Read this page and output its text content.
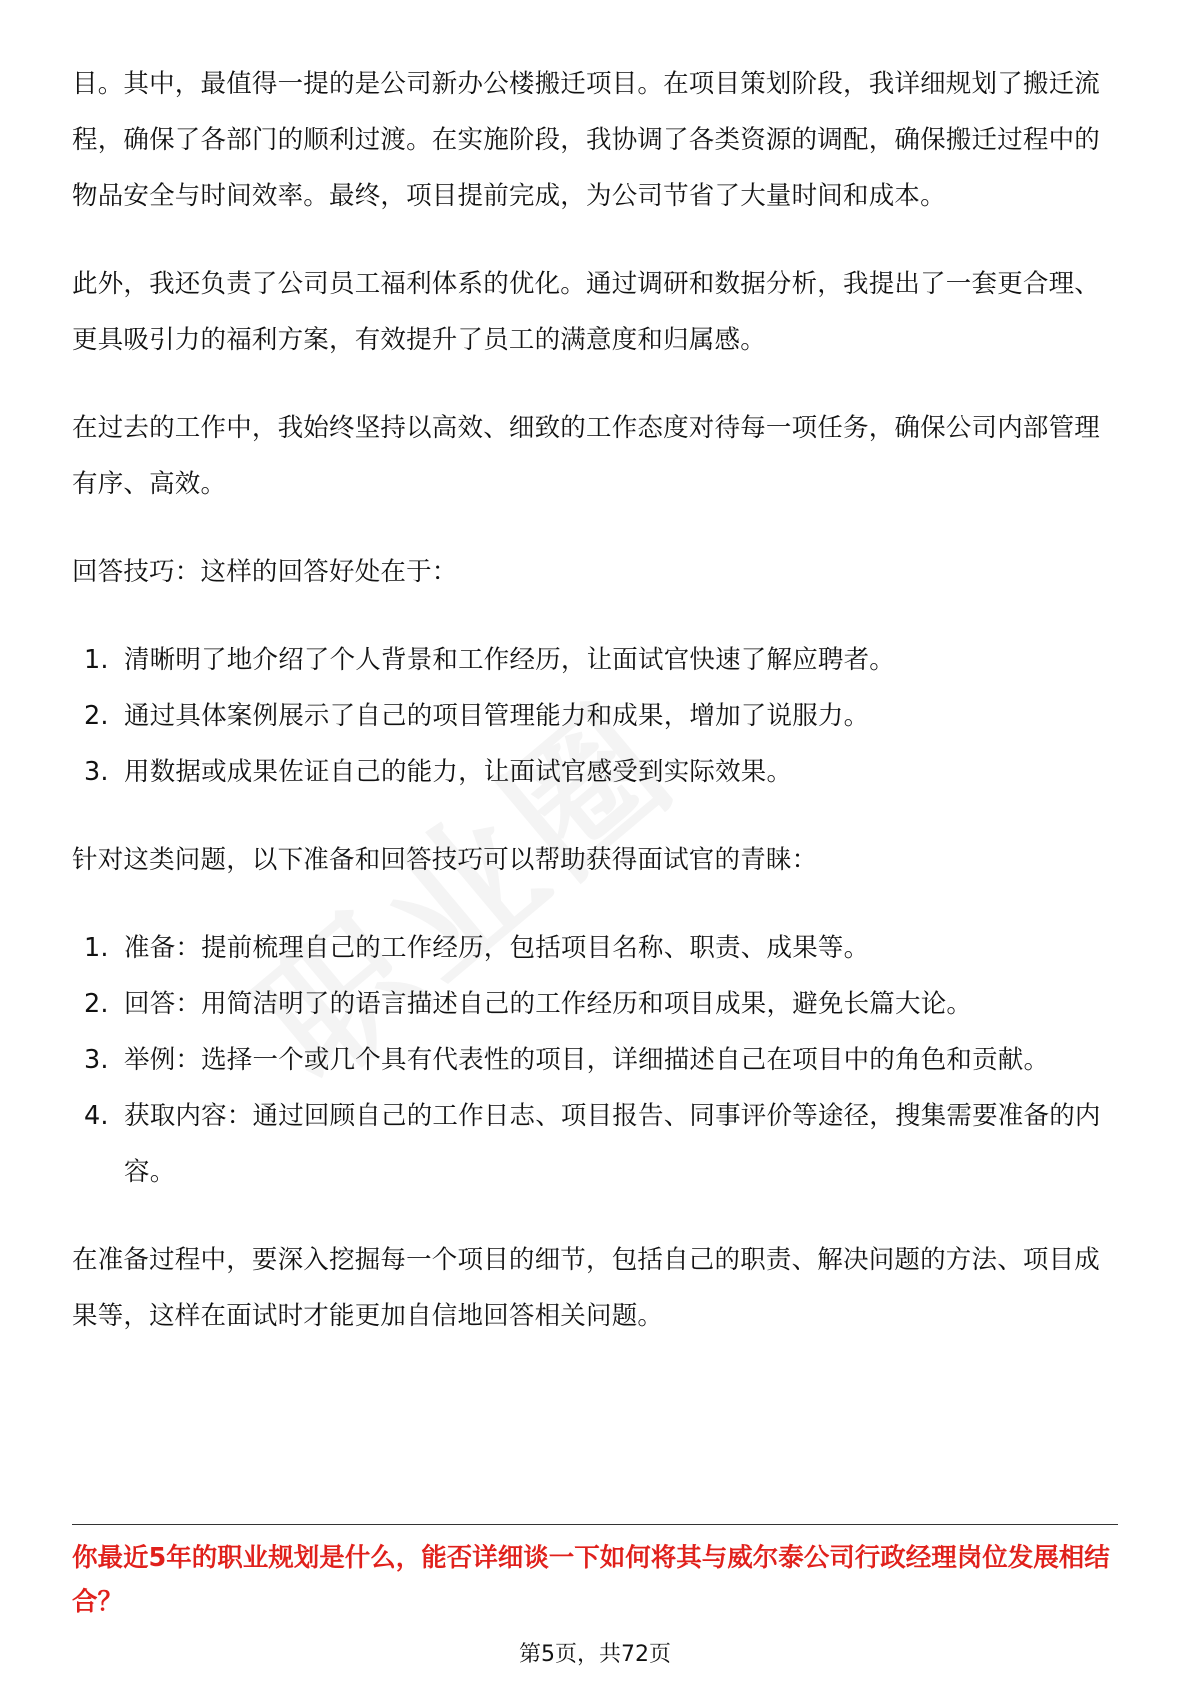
目。其中，最值得一提的是公司新办公楼搬迁项目。在项目策划阶段，我详细规划了搬迁流程，确保了各部门的顺利过渡。在实施阶段，我协调了各类资源的调配，确保搬迁过程中的物品安全与时间效率。最终，项目提前完成，为公司节省了大量时间和成本。

此外，我还负责了公司员工福利体系的优化。通过调研和数据分析，我提出了一套更合理、更具吸引力的福利方案，有效提升了员工的满意度和归属感。

在过去的工作中，我始终坚持以高效、细致的工作态度对待每一项任务，确保公司内部管理有序、高效。

回答技巧：这样的回答好处在于：

1. 清晰明了地介绍了个人背景和工作经历，让面试官快速了解应聘者。
2. 通过具体案例展示了自己的项目管理能力和成果，增加了说服力。
3. 用数据或成果佐证自己的能力，让面试官感受到实际效果。

针对这类问题，以下准备和回答技巧可以帮助获得面试官的青睐：

1. 准备：提前梳理自己的工作经历，包括项目名称、职责、成果等。
2. 回答：用简洁明了的语言描述自己的工作经历和项目成果，避免长篇大论。
3. 举例：选择一个或几个具有代表性的项目，详细描述自己在项目中的角色和贡献。
4. 获取内容：通过回顾自己的工作日志、项目报告、同事评价等途径，搜集需要准备的内容。

在准备过程中，要深入挖掘每一个项目的细节，包括自己的职责、解决问题的方法、项目成果等，这样在面试时才能更加自信地回答相关问题。

你最近5年的职业规划是什么，能否详细谈一下如何将其与威尔泰公司行政经理岗位发展相结合？
第5页，共72页
